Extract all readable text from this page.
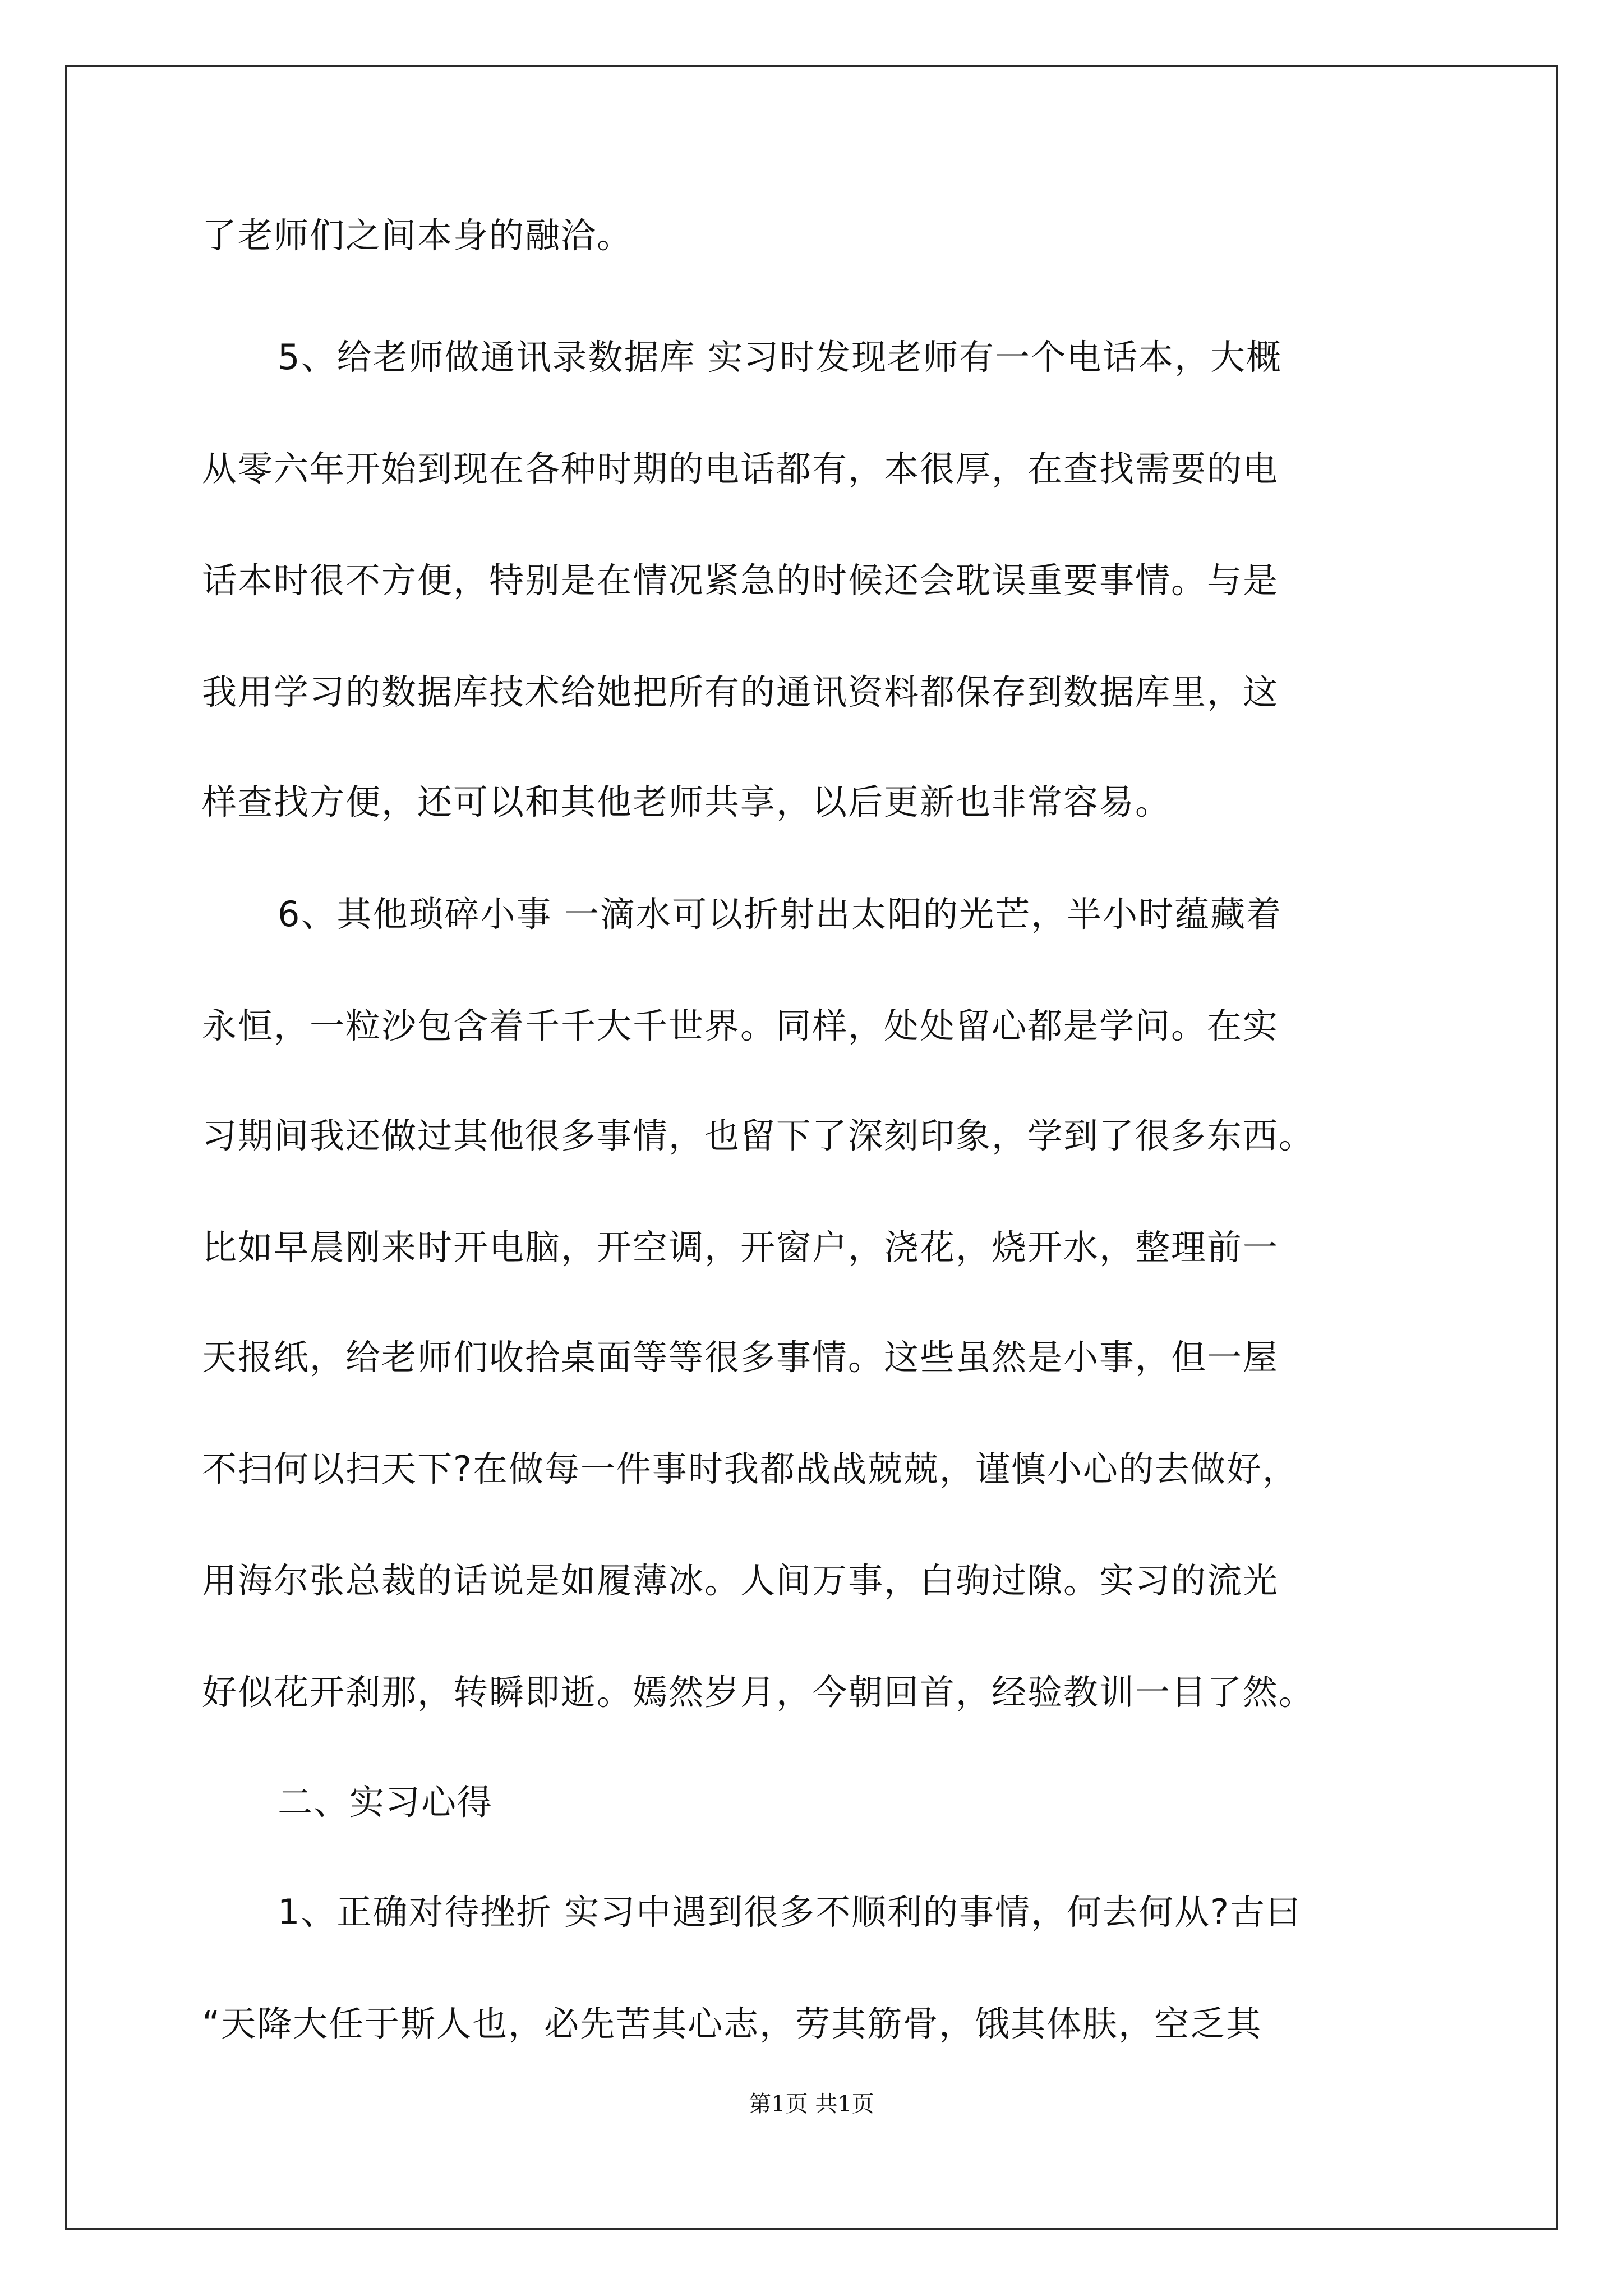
了老师们之间本身的融洽。
5、给老师做通讯录数据库 实习时发现老师有一个电话本，大概
从零六年开始到现在各种时期的电话都有，本很厚，在查找需要的电
话本时很不方便，特别是在情况紧急的时候还会耽误重要事情。与是
我用学习的数据库技术给她把所有的通讯资料都保存到数据库里，这
样查找方便，还可以和其他老师共享，以后更新也非常容易。
6、其他琐碎小事 一滴水可以折射出太阳的光芒，半小时蕴藏着
永恒，一粒沙包含着千千大千世界。同样，处处留心都是学问。在实
习期间我还做过其他很多事情，也留下了深刻印象，学到了很多东西。
比如早晨刚来时开电脑，开空调，开窗户，浇花，烧开水，整理前一
天报纸，给老师们收拾桌面等等很多事情。这些虽然是小事，但一屋
不扫何以扫天下?在做每一件事时我都战战兢兢，谨慎小心的去做好，
用海尔张总裁的话说是如履薄冰。人间万事，白驹过隙。实习的流光
好似花开刹那，转瞬即逝。嫣然岁月，今朝回首，经验教训一目了然。
二、实习心得
1、正确对待挫折 实习中遇到很多不顺利的事情，何去何从?古曰
“天降大任于斯人也，必先苦其心志，劳其筋骨，饿其体肤，空乏其
第1页 共1页
